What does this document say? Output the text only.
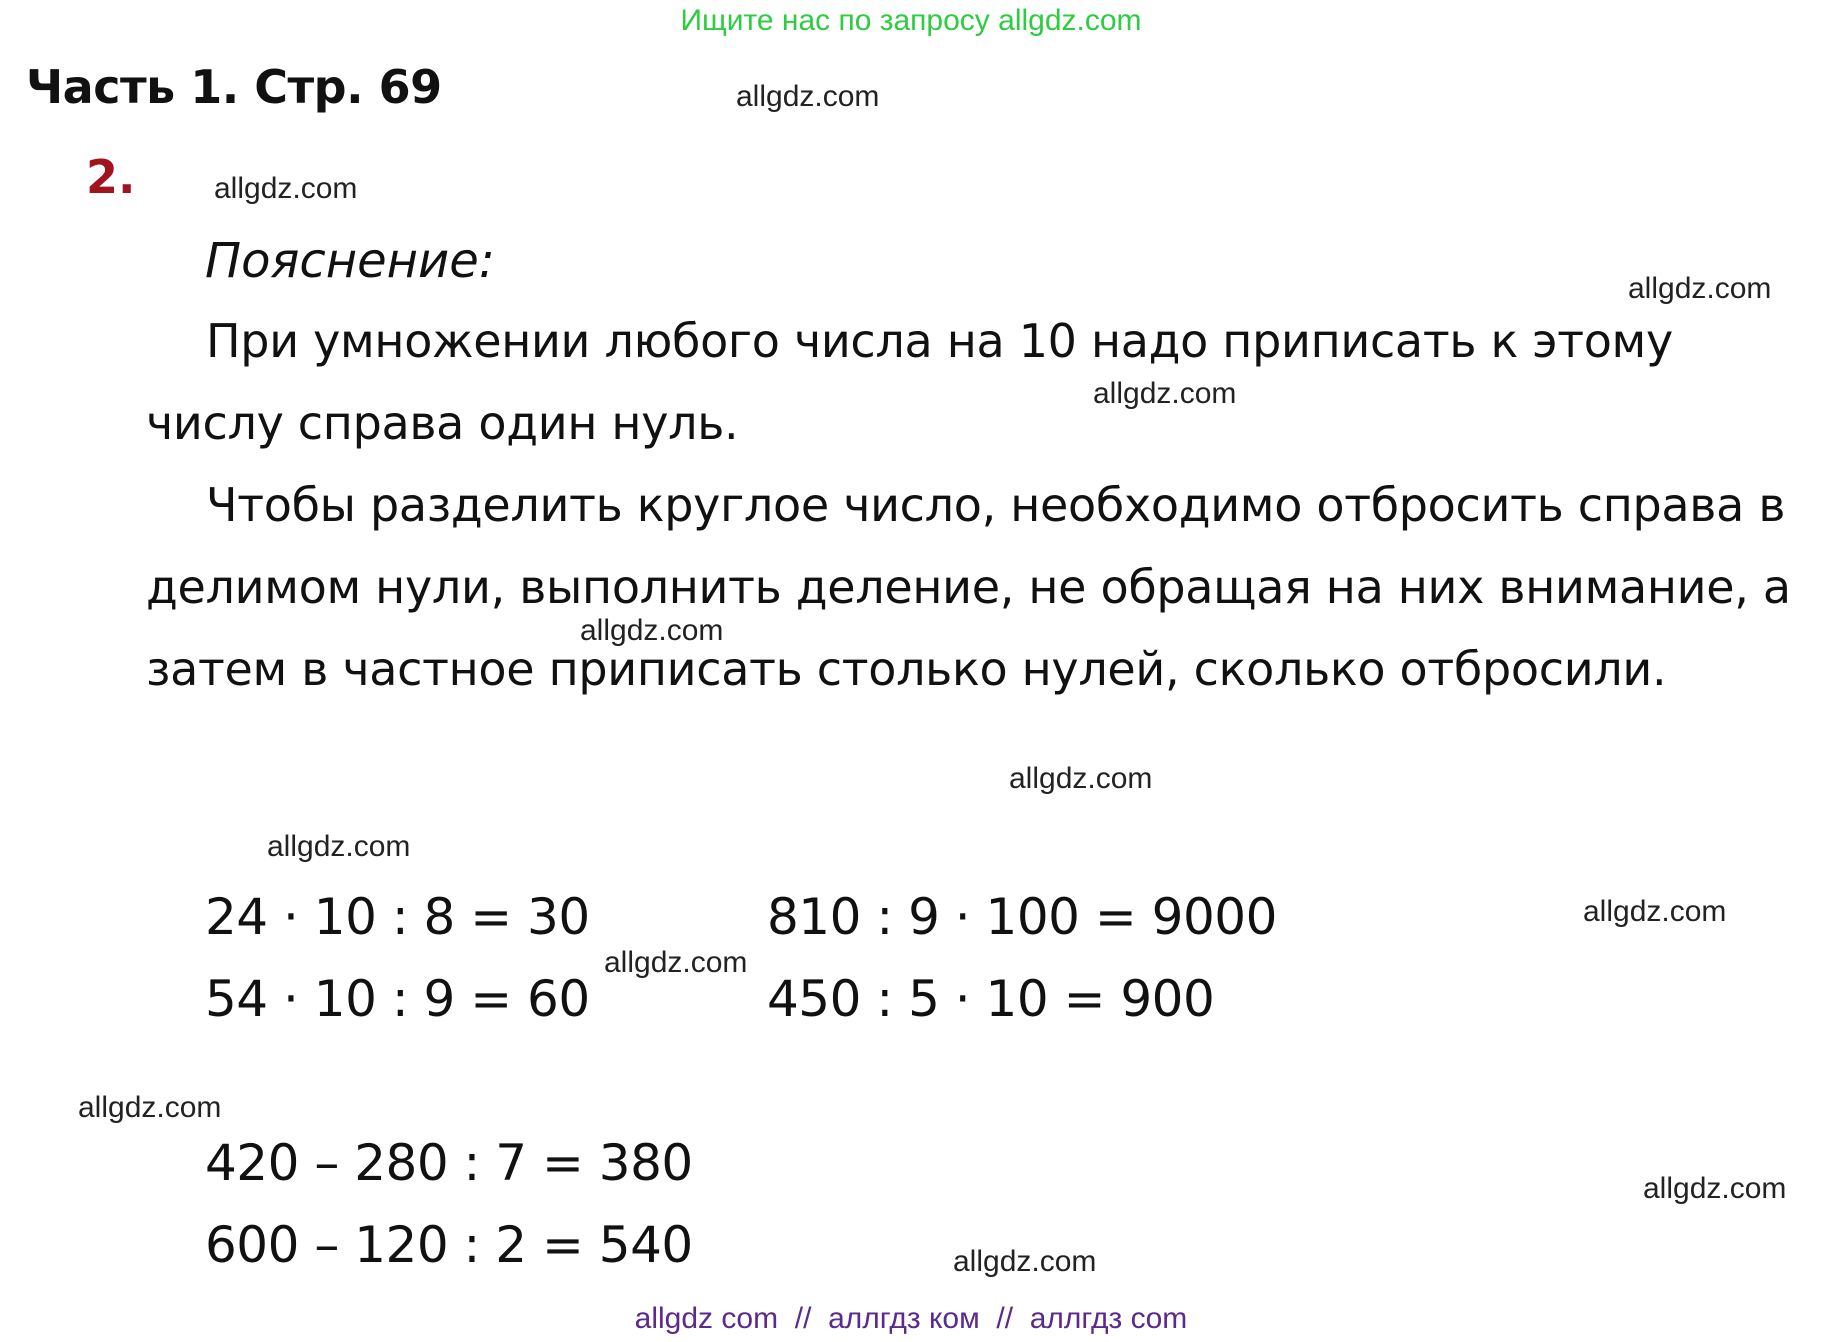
Ищите нас по запросу allgdz.com
Часть 1. Стр. 69
2.
Пояснение:
При умножении любого числа на 10 надо приписать к этому числу справа один нуль.
Чтобы разделить круглое число, необходимо отбросить справа в делимом нули, выполнить деление, не обращая на них внимание, а затем в частное приписать столько нулей, сколько отбросили.
24 · 10 : 8 = 30
54 · 10 : 9 = 60
810 : 9 · 100 = 9000
450 : 5 · 10 = 900
420 – 280 : 7 = 380
600 – 120 : 2 = 540
allgdz.com
allgdz.com
allgdz.com
allgdz.com
allgdz.com
allgdz.com
allgdz.com
allgdz.com
allgdz.com
allgdz.com
allgdz.com
allgdz.com
allgdz com  //  аллгдз ком  //  аллгдз com
